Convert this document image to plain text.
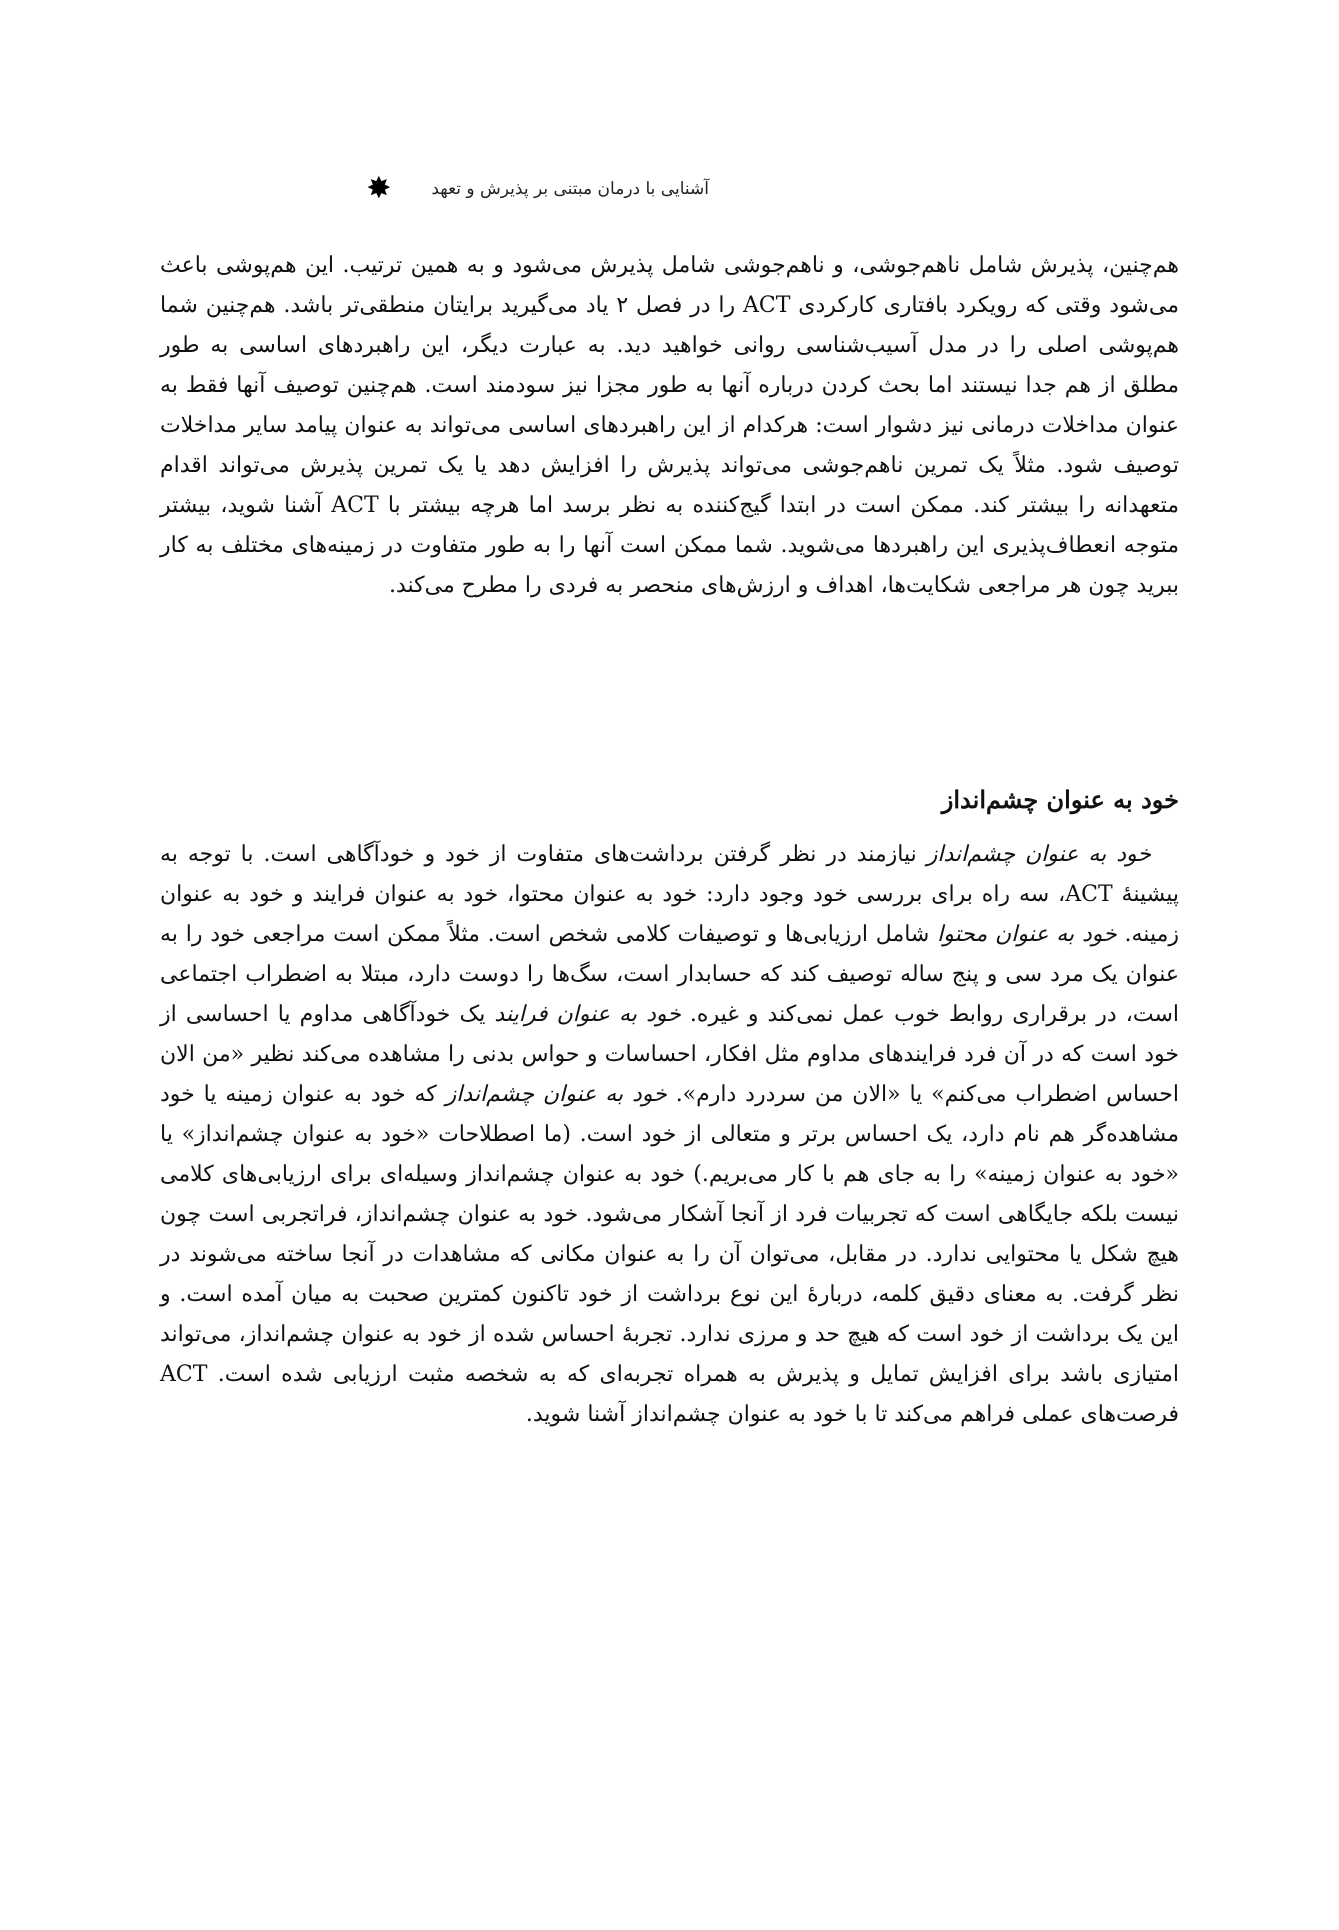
آشنایی با درمان مبتنی بر پذیرش و تعهد
✸

هم‌چنین، پذیرش شامل ناهم‌جوشی، و ناهم‌جوشی شامل پذیرش می‌شود و به همین ترتیب. این هم‌پوشی باعث می‌شود وقتی که رویکرد بافتاری کارکردی ACT را در فصل ۲ یاد می‌گیرید برایتان منطقی‌تر باشد. هم‌چنین شما هم‌پوشی اصلی را در مدل آسیب‌شناسی روانی خواهید دید. به عبارت دیگر، این راهبردهای اساسی به طور مطلق از هم جدا نیستند اما بحث کردن درباره آنها به طور مجزا نیز سودمند است. هم‌چنین توصیف آنها فقط به عنوان مداخلات درمانی نیز دشوار است: هرکدام از این راهبردهای اساسی می‌تواند به عنوان پیامد سایر مداخلات توصیف شود. مثلاً یک تمرین ناهم‌جوشی می‌تواند پذیرش را افزایش دهد یا یک تمرین پذیرش می‌تواند اقدام متعهدانه را بیشتر کند. ممکن است در ابتدا گیج‌کننده به نظر برسد اما هرچه بیشتر با ACT آشنا شوید، بیشتر متوجه انعطاف‌پذیری این راهبردها می‌شوید. شما ممکن است آنها را به طور متفاوت در زمینه‌های مختلف به کار ببرید چون هر مراجعی شکایت‌ها، اهداف و ارزش‌های منحصر به فردی را مطرح می‌کند.

خود به عنوان چشم‌انداز

خود به عنوان چشم‌انداز نیازمند در نظر گرفتن برداشت‌های متفاوت از خود و خودآگاهی است. با توجه به پیشینهٔ ACT، سه راه برای بررسی خود وجود دارد: خود به عنوان محتوا، خود به عنوان فرایند و خود به عنوان زمینه. خود به عنوان محتوا شامل ارزیابی‌ها و توصیفات کلامی شخص است. مثلاً ممکن است مراجعی خود را به عنوان یک مرد سی و پنج ساله توصیف کند که حسابدار است، سگ‌ها را دوست دارد، مبتلا به اضطراب اجتماعی است، در برقراری روابط خوب عمل نمی‌کند و غیره. خود به عنوان فرایند یک خودآگاهی مداوم یا احساسی از خود است که در آن فرد فرایندهای مداوم مثل افکار، احساسات و حواس بدنی را مشاهده می‌کند نظیر «من الان احساس اضطراب می‌کنم» یا «الان من سردرد دارم». خود به عنوان چشم‌انداز که خود به عنوان زمینه یا خود مشاهده‌گر هم نام دارد، یک احساس برتر و متعالی از خود است. (ما اصطلاحات «خود به عنوان چشم‌انداز» یا «خود به عنوان زمینه» را به جای هم با کار می‌بریم.) خود به عنوان چشم‌انداز وسیله‌ای برای ارزیابی‌های کلامی نیست بلکه جایگاهی است که تجربیات فرد از آنجا آشکار می‌شود. خود به عنوان چشم‌انداز، فراتجربی است چون هیچ شکل یا محتوایی ندارد. در مقابل، می‌توان آن را به عنوان مکانی که مشاهدات در آنجا ساخته می‌شوند در نظر گرفت. به معنای دقیق کلمه، دربارهٔ این نوع برداشت از خود تاکنون کمترین صحبت به میان آمده است. و این یک برداشت از خود است که هیچ حد و مرزی ندارد. تجربهٔ احساس شده از خود به عنوان چشم‌انداز، می‌تواند امتیازی باشد برای افزایش تمایل و پذیرش به همراه تجربه‌ای که به شخصه مثبت ارزیابی شده است. ACT فرصت‌های عملی فراهم می‌کند تا با خود به عنوان چشم‌انداز آشنا شوید.
